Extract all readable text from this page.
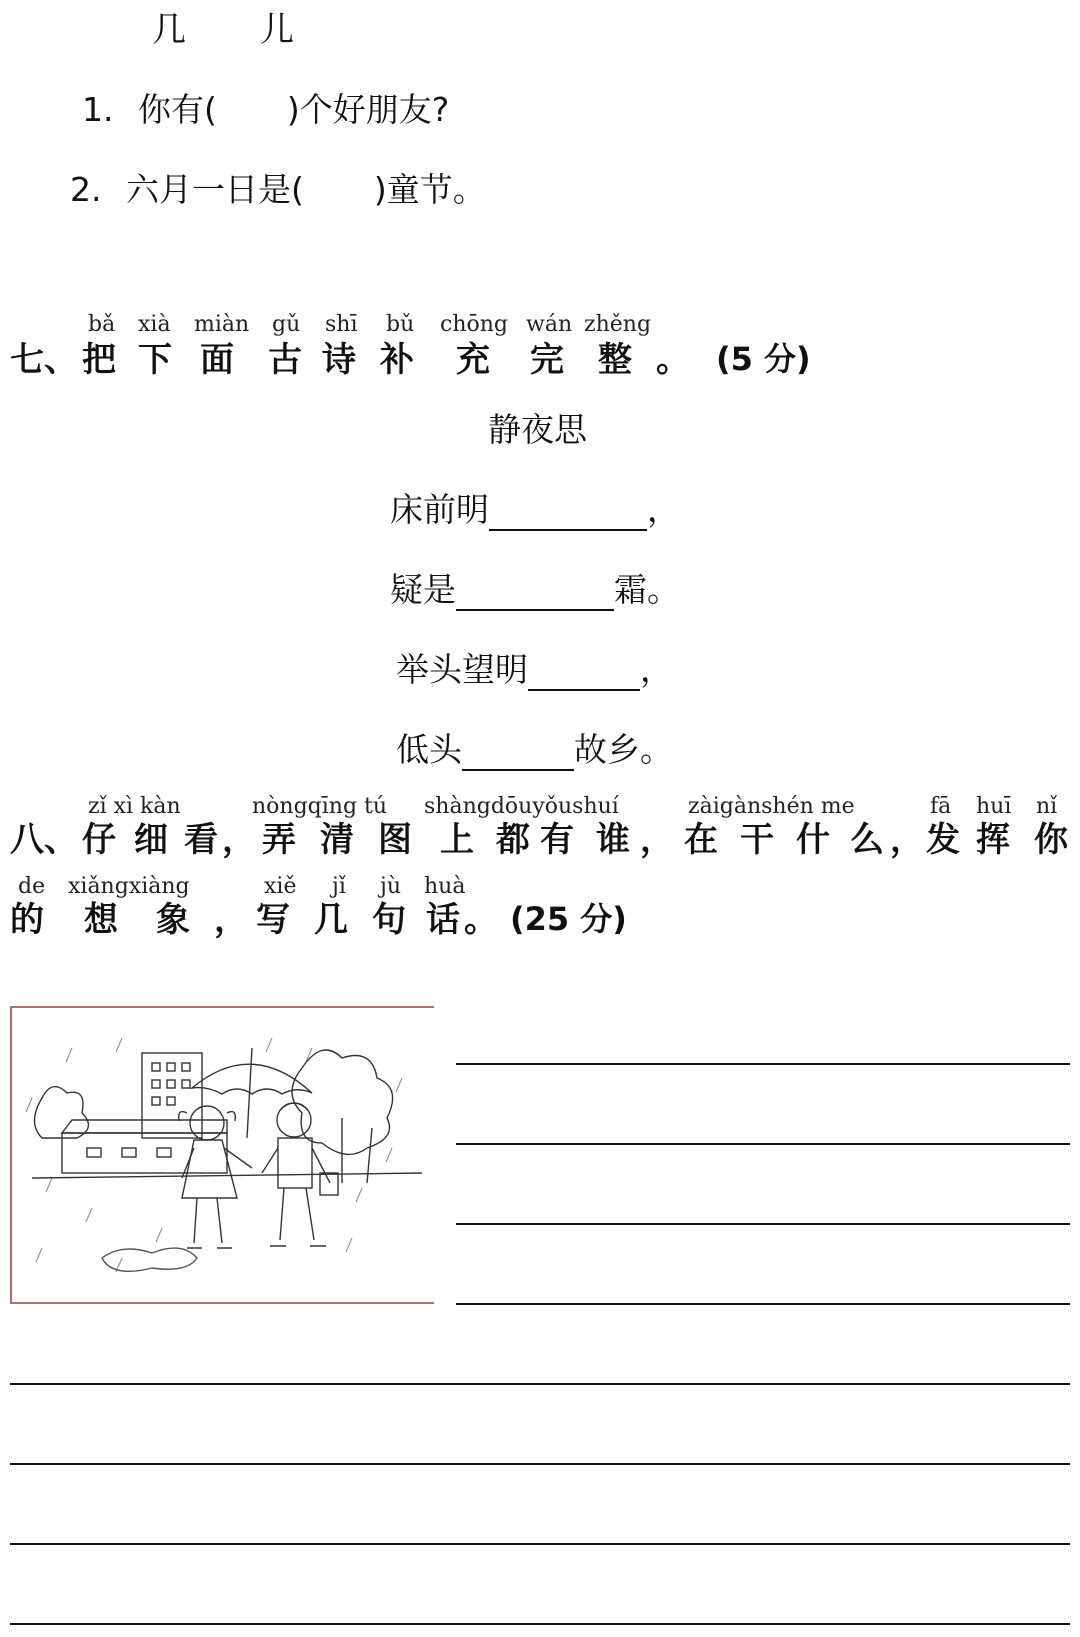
几 儿
1. 你有( )个好朋友?
2. 六月一日是( )童节。
bǎ xià miàn gǔ shī bǔ chōng wán zhěng
七、 把 下 面 古 诗 补 充 完 整 。 (5 分)
静夜思
床前明	，
疑是	霜。
举头望明	，
低头	故乡。
zǐ xì kàn	nòngqīng tú shàngdōuyǒushuí	zàigànshén me	fā huī nǐ
八、 仔 细 看 ， 弄 清 图 上 都 有 谁 ， 在 干 什 么 ， 发 挥 你
de xiǎngxiàng	xiě jǐ jù huà
的 想 象 ， 写 几 句 话 。 (25 分)
